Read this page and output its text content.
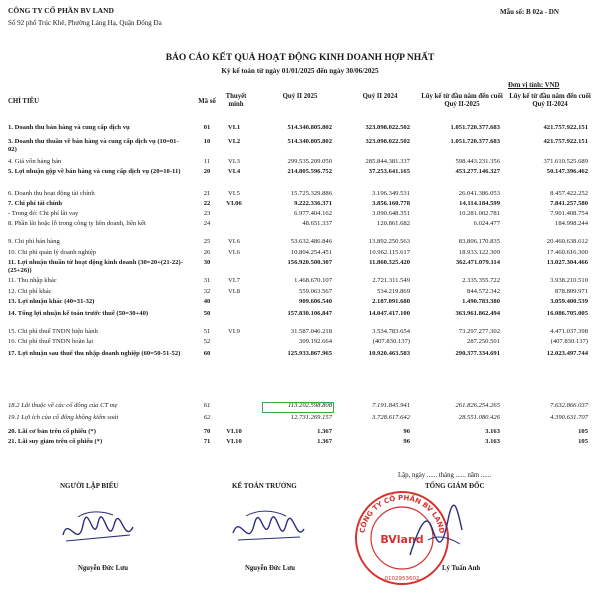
CÔNG TY CỔ PHẦN BV LAND
Số 92 phố Trúc Khê, Phường Láng Hạ, Quận Đống Đa
Mẫu số: B 02a - DN
BÁO CÁO KẾT QUẢ HOẠT ĐỘNG KINH DOANH HỢP NHẤT
Kỳ kế toán từ ngày 01/01/2025 đến ngày 30/06/2025
Đơn vị tính: VND
CHỈ TIÊU	Mã số
Thuyết minh
Quý II 2025	Quý II 2024	Lũy kế từ đầu năm đến cuối Quý II-2025
Lũy kế từ đầu năm đến cuối Quý II-2024
1. Doanh thu bán hàng và cung cấp dịch vụ	01	VI.1	514.340.805.802	323.098.022.502	1.051.720.377.683	421.757.922.151
3. Doanh thu thuần về bán hàng và cung cấp dịch vụ (10=01-02)
10	VI.2	514.340.805.802	323.098.022.502	1.051.720.377.683	421.757.922.151
4. Giá vốn hàng bán	11	VI.3	299.535.209.050	285.844.381.337	598.443.231.356	371.610.525.689
5. Lợi nhuận gộp về bán hàng và cung cấp dịch vụ (20=10-11)	20	VI.4	214.805.596.752	37.253.641.165	453.277.146.327	50.147.396.462
6. Doanh thu hoạt động tài chính	21	VI.5	15.725.329.886	3.196.349.531	26.041.386.053	8.457.422.252
7. Chi phí tài chính	22	VI.06	9.222.336.371	3.856.160.778	14.114.184.599	7.841.257.580
- Trong đó: Chi phí lãi vay	23	6.977.404.162	3.090.648.351	10.281.002.781	7.901.408.754
8. Phần lãi hoặc lỗ trong công ty liên doanh, liên kết	24	48.651.337	120.861.682	6.024.477	184.998.244
9. Chi phí bán hàng	25	VI.6	53.632.486.846	13.892.250.563	83.806.170.835	20.460.638.612
10. Chi phí quản lý doanh nghiệp	26	VI.6	10.804.254.451	10.962.115.617	18.933.122.309	17.460.616.300
11. Lợi nhuận thuần từ hoạt động kinh doanh (30=20+(21-22)-(25+26))
30	156.920.500.307	11.860.325.420	362.471.079.114	13.027.304.466
11. Thu nhập khác	31	VI.7	1.468.670.107	2.721.311.549	2.335.355.722	3.938.210.510
12. Chi phí khác	32	VI.8	559.063.567	534.219.869	844.572.342	878.809.971
13. Lợi nhuận khác (40=31-32)	40	909.606.540	2.187.091.680	1.490.783.380	3.059.400.539
14. Tổng lợi nhuận kế toán trước thuế (50=30+40)	50	157.830.106.847	14.047.417.100	363.961.862.494	16.086.705.005
15. Chi phí thuế TNDN hiện hành	51	VI.9	31.587.046.218	3.534.783.654	73.297.277.302	4.471.037.398
16. Chi phí thuế TNDN hoãn lại	52	309.192.664	(407.830.137)	287.250.501	(407.830.137)
17. Lợi nhuận sau thuế thu nhập doanh nghiệp (60=50-51-52)	60	125.933.867.965	10.920.463.583	290.377.334.691	12.023.497.744
18.2 Lãi thuộc về các cổ đông của CT mẹ	61	113.202.598.808	7.191.845.941	261.826.254.265	7.632.866.037
19.1 Lợi ích của cổ đông không kiểm soát	62	12.731.269.157	3.728.617.642	28.551.080.426	4.390.631.707
20. Lãi cơ bản trên cổ phiếu (*)	70	VI.10	1.367	96	3.163	105
21. Lãi suy giảm trên cổ phiếu (*)	71	VI.10	1.367	96	3.163	105
Lập, ngày ...... tháng ...... năm ......
NGƯỜI LẬP BIỂU	KẾ TOÁN TRƯỞNG	TỔNG GIÁM ĐỐC
CÔNG TY CỔ PHẦN BV LAND
BVland
0102953602
Nguyễn Đức Lưu	Nguyễn Đức Lưu	Lý Tuấn Anh
